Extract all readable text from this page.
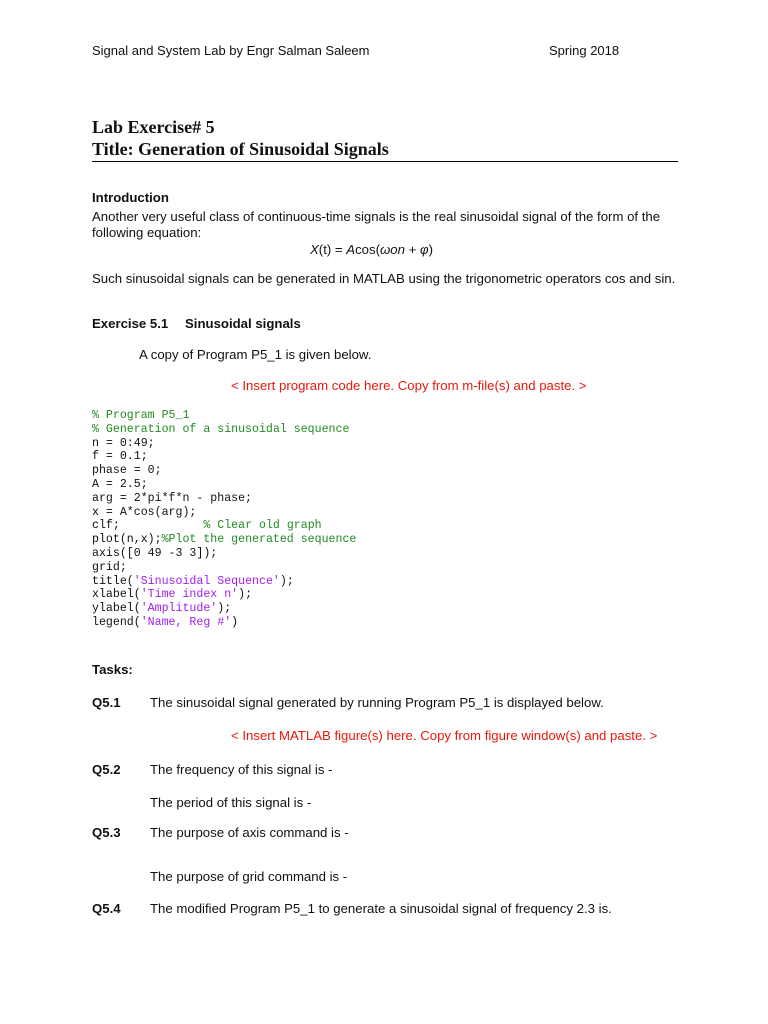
Signal and System Lab by Engr Salman Saleem	Spring 2018
Lab Exercise# 5
Title: Generation of Sinusoidal Signals
Introduction
Another very useful class of continuous-time signals is the real sinusoidal signal of the form of the
following equation:
X(t) = Acos(ωon + φ)
Such sinusoidal signals can be generated in MATLAB using the trigonometric operators cos and sin.
Exercise 5.1 Sinusoidal signals
A copy of Program P5_1 is given below.
< Insert program code here. Copy from m-file(s) and paste. >
% Program P5_1
% Generation of a sinusoidal sequence
n = 0:49;
f = 0.1;
phase = 0;
A = 2.5;
arg = 2*pi*f*n - phase;
x = A*cos(arg);
clf;            % Clear old graph
plot(n,x);%Plot the generated sequence
axis([0 49 -3 3]);
grid;
title('Sinusoidal Sequence');
xlabel('Time index n');
ylabel('Amplitude');
legend('Name, Reg #')
Tasks:
Q5.1 The sinusoidal signal generated by running Program P5_1 is displayed below.
< Insert MATLAB figure(s) here. Copy from figure window(s) and paste. >
Q5.2 The frequency of this signal is -
The period of this signal is -
Q5.3 The purpose of axis command is -
The purpose of grid command is -
Q5.4 The modified Program P5_1 to generate a sinusoidal signal of frequency 2.3 is.
